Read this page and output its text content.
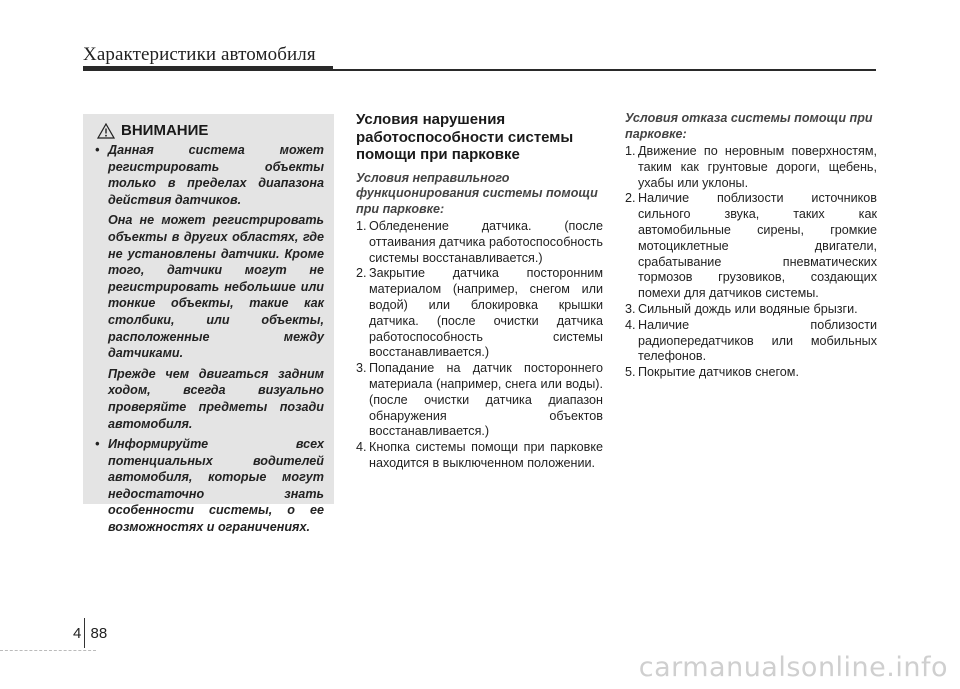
Характеристики автомобиля
ВНИМАНИЕ
• Данная система может регистрировать объекты только в пределах диапазона действия датчиков.

Она не может регистрировать объекты в других областях, где не установлены датчики. Кроме того, датчики могут не регистрировать небольшие или тонкие объекты, такие как столбики, или объекты, расположенные между датчиками.

Прежде чем двигаться задним ходом, всегда визуально проверяйте предметы позади автомобиля.

• Информируйте всех потенциальных водителей автомобиля, которые могут недостаточно знать особенности системы, о ее возможностях и ограничениях.

Условия нарушения работоспособности системы помощи при парковке
Условия неправильного функционирования системы помощи при парковке:
1. Обледенение датчика. (после оттаивания датчика работоспособность системы восстанавливается.)
2. Закрытие датчика посторонним материалом (например, снегом или водой) или блокировка крышки датчика. (после очистки датчика работоспособность системы восстанавливается.)
3. Попадание на датчик постороннего материала (например, снега или воды). (после очистки датчика диапазон обнаружения объектов восстанавливается.)
4. Кнопка системы помощи при парковке находится в выключенном положении.
Условия отказа системы помощи при парковке:
1. Движение по неровным поверхностям, таким как грунтовые дороги, щебень, ухабы или уклоны.
2. Наличие поблизости источников сильного звука, таких как автомобильные сирены, громкие мотоциклетные двигатели, срабатывание пневматических тормозов грузовиков, создающих помехи для датчиков системы.
3. Сильный дождь или водяные брызги.
4. Наличие поблизости радиопередатчиков или мобильных телефонов.
5. Покрытие датчиков снегом.
4 88
carmanualsonline.info
